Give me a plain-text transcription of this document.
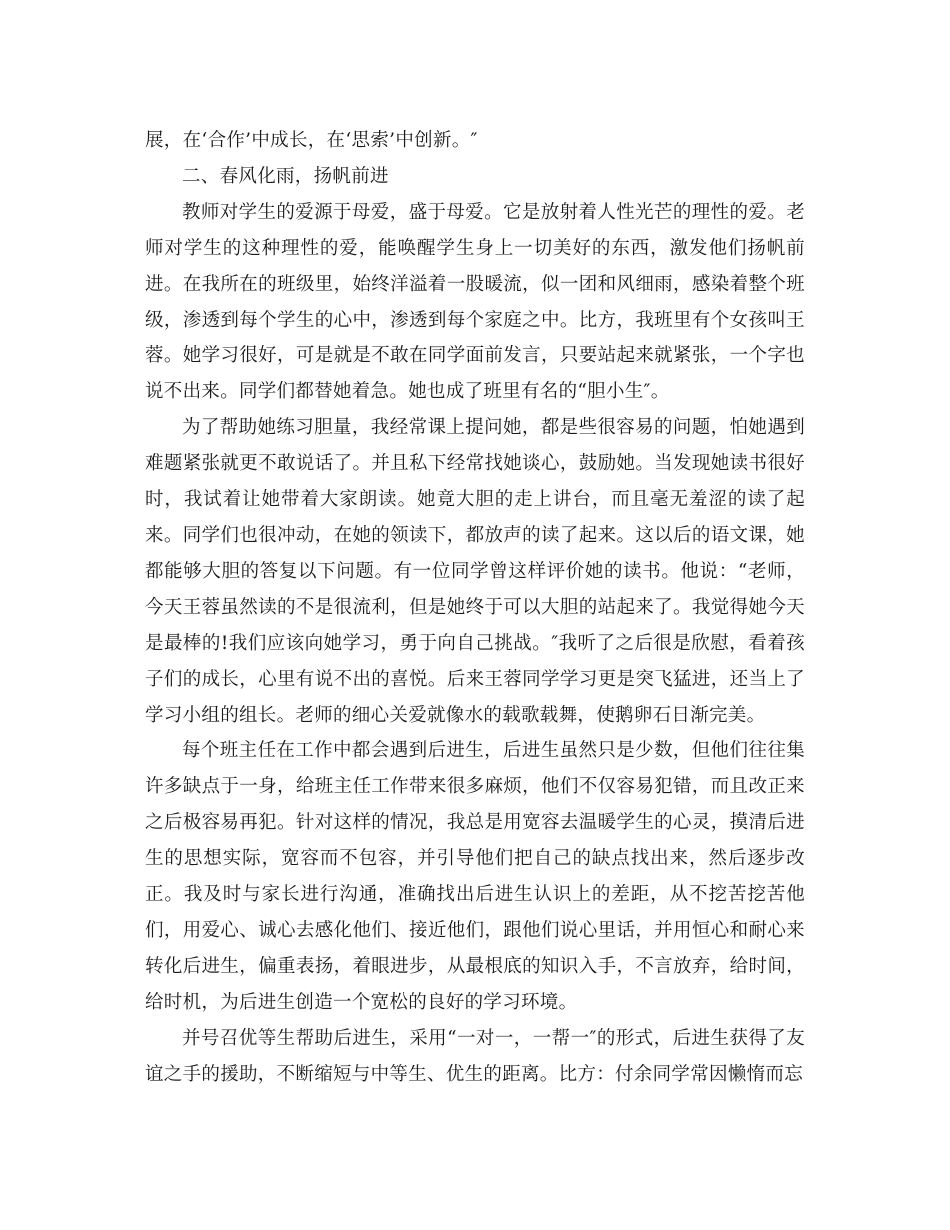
展，在‘合作’中成长，在‘思索’中创新。″

二、春风化雨，扬帆前进

教师对学生的爱源于母爱，盛于母爱。它是放射着人性光芒的理性的爱。老师对学生的这种理性的爱，能唤醒学生身上一切美好的东西，激发他们扬帆前进。在我所在的班级里，始终洋溢着一股暖流，似一团和风细雨，感染着整个班级，渗透到每个学生的心中，渗透到每个家庭之中。比方，我班里有个女孩叫王蓉。她学习很好，可是就是不敢在同学面前发言，只要站起来就紧张，一个字也说不出来。同学们都替她着急。她也成了班里有名的“胆小生″。

为了帮助她练习胆量，我经常课上提问她，都是些很容易的问题，怕她遇到难题紧张就更不敢说话了。并且私下经常找她谈心，鼓励她。当发现她读书很好时，我试着让她带着大家朗读。她竟大胆的走上讲台，而且毫无羞涩的读了起来。同学们也很冲动，在她的领读下，都放声的读了起来。这以后的语文课，她都能够大胆的答复以下问题。有一位同学曾这样评价她的读书。他说：“老师，今天王蓉虽然读的不是很流利，但是她终于可以大胆的站起来了。我觉得她今天是最棒的!我们应该向她学习，勇于向自己挑战。″我听了之后很是欣慰，看着孩子们的成长，心里有说不出的喜悦。后来王蓉同学学习更是突飞猛进，还当上了学习小组的组长。老师的细心关爱就像水的载歌载舞，使鹅卵石日渐完美。

每个班主任在工作中都会遇到后进生，后进生虽然只是少数，但他们往往集许多缺点于一身，给班主任工作带来很多麻烦，他们不仅容易犯错，而且改正来之后极容易再犯。针对这样的情况，我总是用宽容去温暖学生的心灵，摸清后进生的思想实际，宽容而不包容，并引导他们把自己的缺点找出来，然后逐步改正。我及时与家长进行沟通，准确找出后进生认识上的差距，从不挖苦挖苦他们，用爱心、诚心去感化他们、接近他们，跟他们说心里话，并用恒心和耐心来转化后进生，偏重表扬，着眼进步，从最根底的知识入手，不言放弃，给时间，给时机，为后进生创造一个宽松的良好的学习环境。

并号召优等生帮助后进生，采用“一对一，一帮一″的形式，后进生获得了友谊之手的援助，不断缩短与中等生、优生的距离。比方：付余同学常因懒惰而忘
